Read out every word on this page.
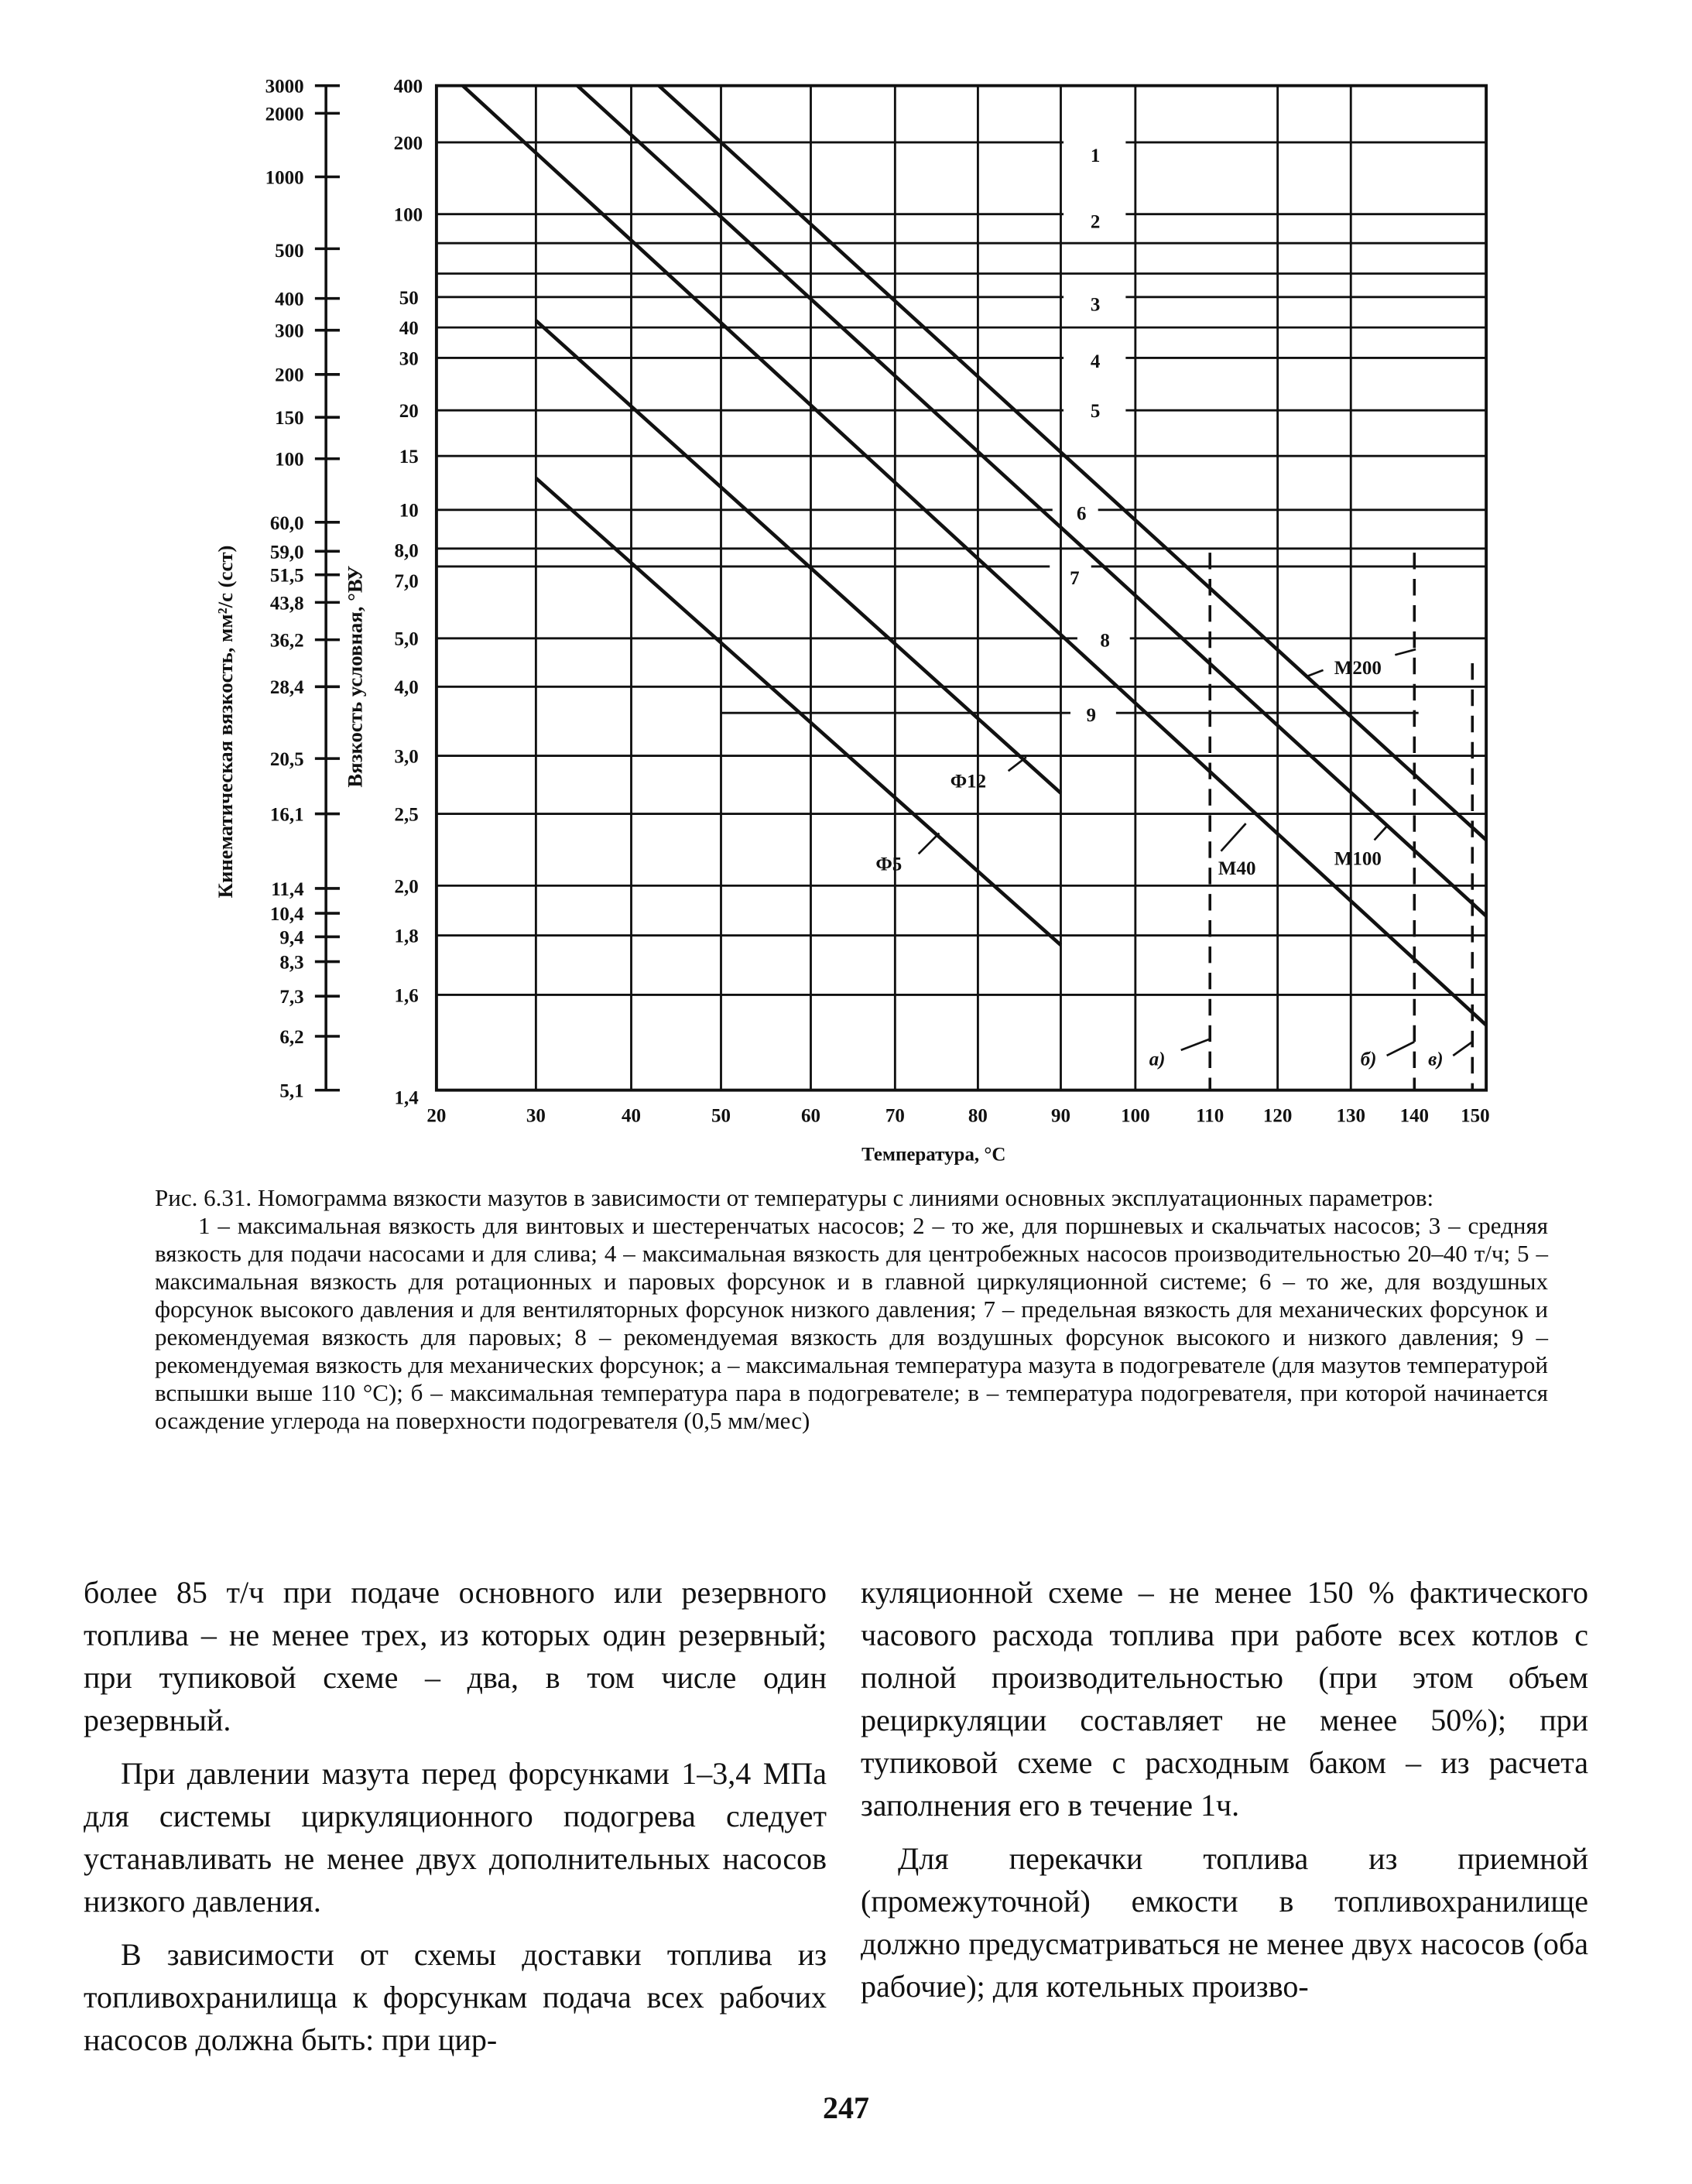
3000
2000
1000
500
400
300
200
150
100
60,0
59,0
51,5
43,8
36,2
28,4
20,5
16,1
11,4
10,4
9,4
8,3
7,3
6,2
5,1
Кинематическая вязкость, мм²/с (сст)	Вязкость условная, °ВУ
400
200
100
50
40
30
20
15
10
8,0
7,0
5,0
4,0
3,0
2,5
2,0
1,8
1,6
1,4
20	30	40	50	60	70	80	90	100	110	120	130	140	150
Температура, °C
1
2
3
4
5
6
7
8
9
М200
М100
М40
Ф12
Ф5
а)	б)	в)
Рис. 6.31. Номограмма вязкости мазутов в зависимости от температуры с линиями основных эксплуатационных параметров:
1 – максимальная вязкость для винтовых и шестеренчатых насосов; 2 – то же, для поршневых и скальчатых насосов; 3 – средняя вязкость для подачи насосами и для слива; 4 – максимальная вязкость для центробежных насосов производительностью 20–40 т/ч; 5 – максимальная вязкость для ротационных и паровых форсунок и в главной циркуляционной системе; 6 – то же, для воздушных форсунок высокого давления и для вентиляторных форсунок низкого давления; 7 – предельная вязкость для механических форсунок и рекомендуемая вязкость для паровых; 8 – рекомендуемая вязкость для воздушных форсунок высокого и низкого давления; 9 – рекомендуемая вязкость для механических форсунок; а – максимальная температура мазута в подогревателе (для мазутов температурой вспышки выше 110 °С); б – максимальная температура пара в подогревателе; в – температура подогревателя, при которой начинается осаждение углерода на поверхности подогревателя (0,5 мм/мес)

более 85 т/ч при подаче основного или резервного топлива – не менее трех, из которых один резервный; при тупиковой схеме – два, в том числе один резервный.

При давлении мазута перед форсунками 1–3,4 МПа для системы циркуляционного подогрева следует устанавливать не менее двух дополнительных насосов низкого давления.

В зависимости от схемы доставки топлива из топливохранилища к форсункам подача всех рабочих насосов должна быть: при цир-

куляционной схеме – не менее 150 % фактического часового расхода топлива при работе всех котлов с полной производительностью (при этом объем рециркуляции составляет не менее 50%); при тупиковой схеме с расходным баком – из расчета заполнения его в течение 1ч.

Для перекачки топлива из приемной (промежуточной) емкости в топливохранилище должно предусматриваться не менее двух насосов (оба рабочие); для котельных произво-

247
